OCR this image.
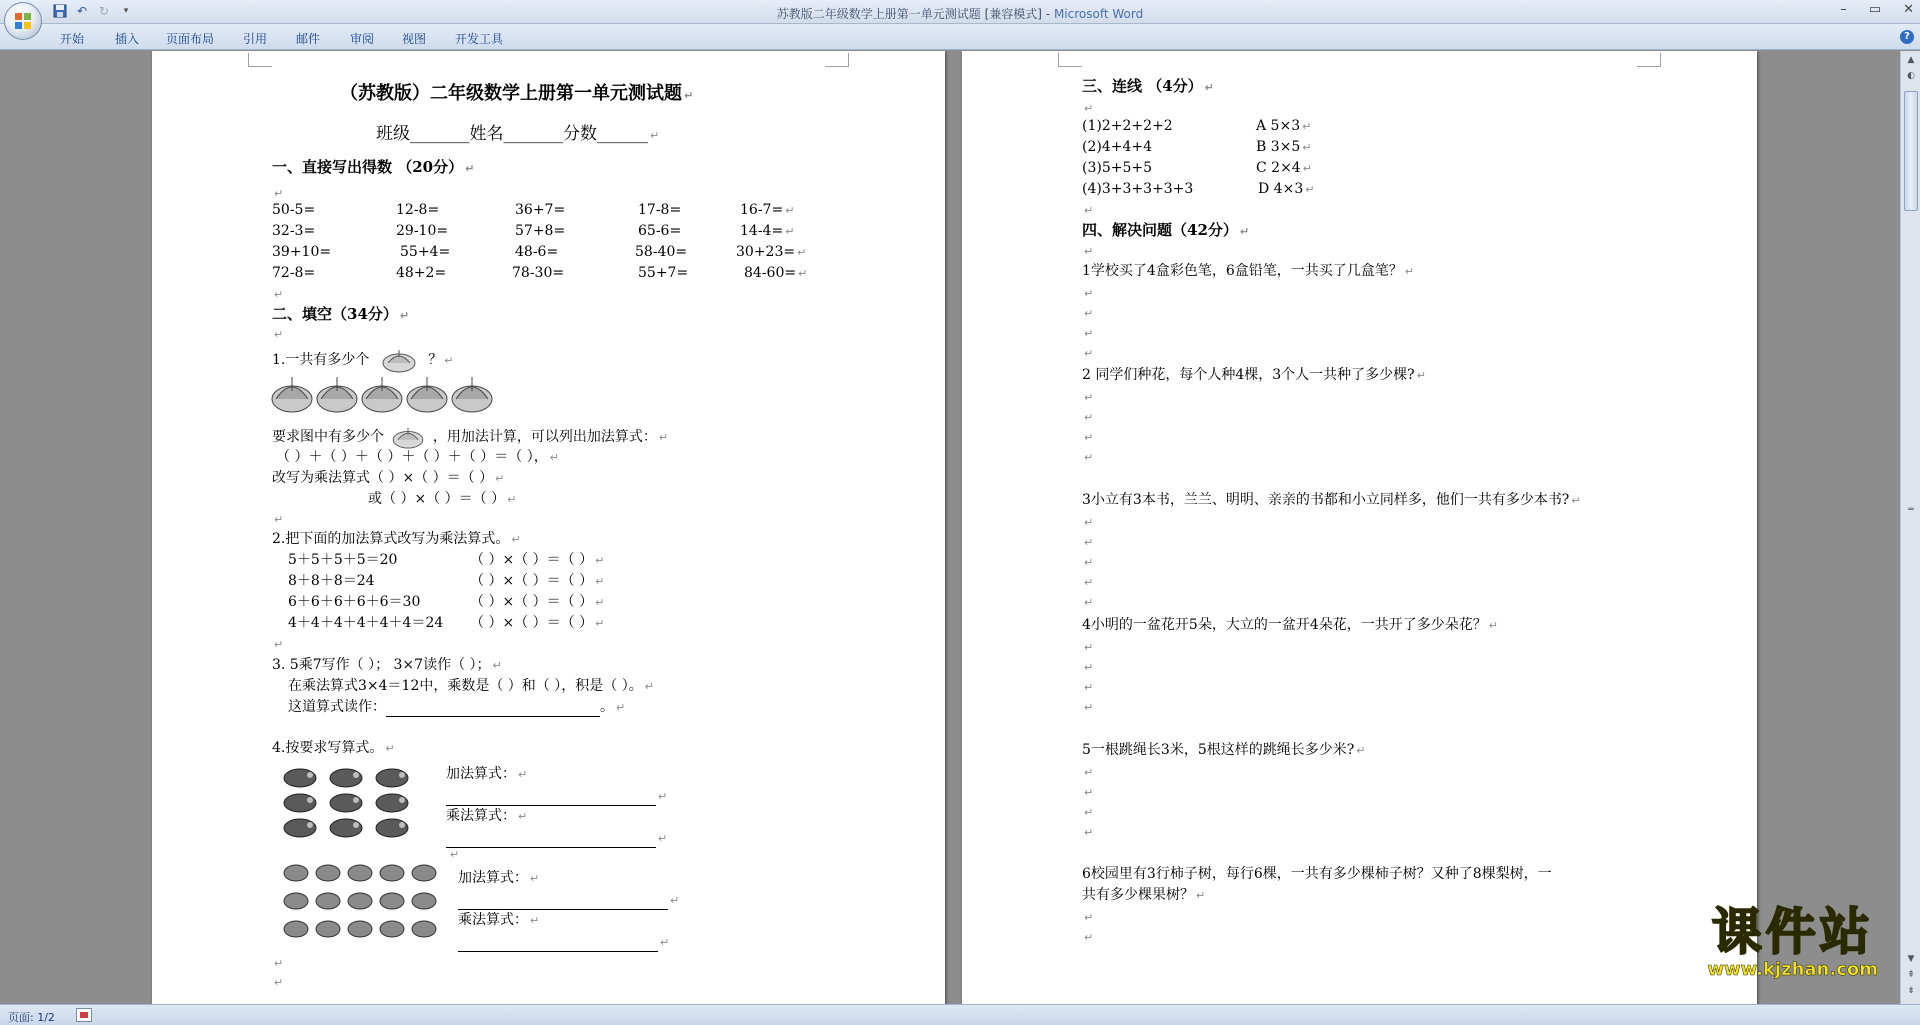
↶ ↻	▾	苏教版二年级数学上册第一单元测试题 [兼容模式] - Microsoft Word	– ▭ ✕
开始	插入 页面布局 引用 邮件 审阅 视图 开发工具	?
（苏教版）二年级数学上册第一单元测试题 ↵
班级_______姓名_______分数______ ↵
一、直接写出得数 （20分） ↵
↵
50-5=	12-8=	36+7=	17-8=	16-7= ↵
32-3=	29-10=	57+8=	65-6=	14-4= ↵
39+10=	55+4=	48-6=	58-40=	30+23= ↵
72-8=	48+2=	78-30=	55+7=	84-60= ↵
↵
二、填空（34分） ↵
↵
1.一共有多少个	？ ↵
要求图中有多少个	，用加法计算，可以列出加法算式： ↵
（ ）＋（ ）＋（ ）＋（ ）＋（ ）＝（ ）， ↵
改写为乘法算式（ ）×（ ）＝（ ） ↵
或（ ）×（ ）＝（ ） ↵
↵
2.把下面的加法算式改写为乘法算式。 ↵
5＋5＋5＋5＝20	（ ）×（ ）＝（ ） ↵
8＋8＋8＝24	（ ）×（ ）＝（ ） ↵
6＋6＋6＋6＋6＝30	（ ）×（ ）＝（ ） ↵
4＋4＋4＋4＋4＋4＝24 （ ）×（ ）＝（ ） ↵
↵
3. 5乘7写作（ ）； 3×7读作（ ）； ↵
在乘法算式3×4＝12中，乘数是（ ）和（ ），积是（ ）。 ↵
这道算式读作：	。 ↵
4.按要求写算式。 ↵
加法算式： ↵
↵
乘法算式： ↵
↵
↵
加法算式： ↵
↵
乘法算式： ↵
↵
↵
↵
三、连线 （4分） ↵
↵
(1)2+2+2+2	A 5×3 ↵
(2)4+4+4	B 3×5 ↵
(3)5+5+5	C 2×4 ↵
(4)3+3+3+3+3	D 4×3 ↵
↵
四、解决问题（42分） ↵
↵
1学校买了4盒彩色笔，6盒铅笔，一共买了几盒笔？ ↵
↵
↵
↵
↵
2 同学们种花，每个人种4棵，3个人一共种了多少棵? ↵
↵
↵
↵
↵
3小立有3本书，兰兰、明明、亲亲的书都和小立同样多，他们一共有多少本书? ↵
↵
↵
↵
↵
↵
4小明的一盆花开5朵，大立的一盆开4朵花，一共开了多少朵花？ ↵
↵
↵
↵
↵
5一根跳绳长3米，5根这样的跳绳长多少米? ↵
↵
↵
↵
↵
6校园里有3行柿子树，每行6棵，一共有多少棵柿子树？又种了8棵梨树，一
共有多少棵果树？ ↵
↵
↵	课件站
www.kjzhan.com
▲
◐
═
▼
⇞
⇟
页面: 1/2
